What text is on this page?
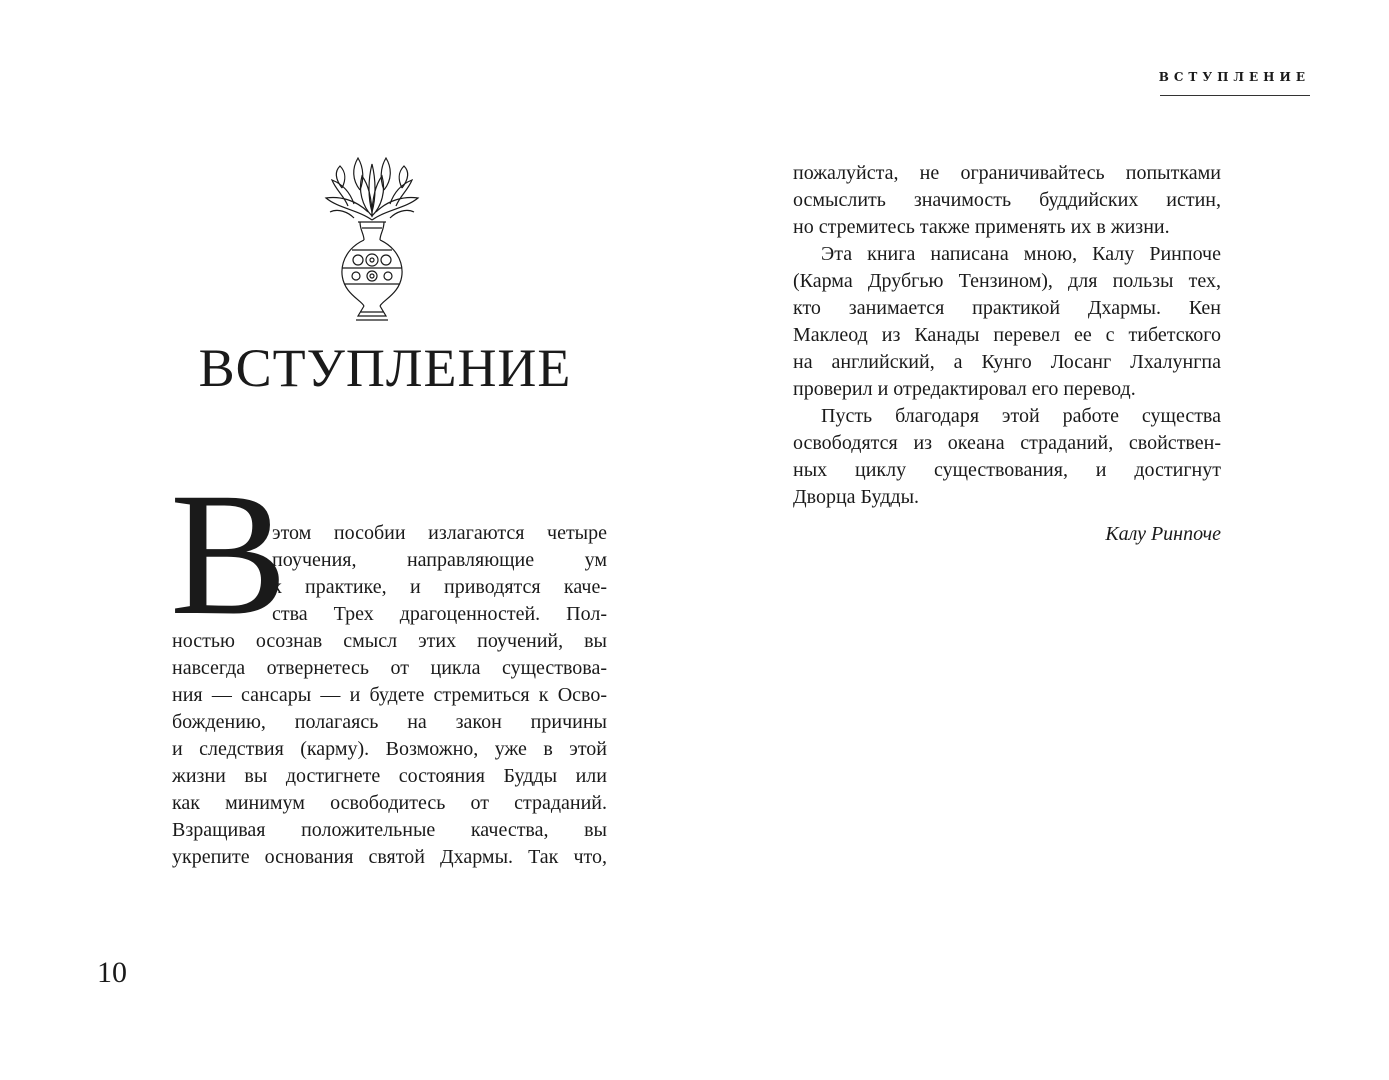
ВСТУПЛЕНИЕ
ВСТУПЛЕНИЕ
В
этом пособии излагаются четыре
поучения, направляющие ум
к практике, и приводятся каче-
ства Трех драгоценностей. Пол-
ностью осознав смысл этих поучений, вы
навсегда отвернетесь от цикла существова-
ния — сансары — и будете стремиться к Осво-
бождению, полагаясь на закон причины
и следствия (карму). Возможно, уже в этой
жизни вы достигнете состояния Будды или
как минимум освободитесь от страданий.
Взращивая положительные качества, вы
укрепите основания святой Дхармы. Так что,
пожалуйста, не ограничивайтесь попытками
осмыслить значимость буддийских истин,
но стремитесь также применять их в жизни.
Эта книга написана мною, Калу Ринпоче
(Карма Друбгью Тензином), для пользы тех,
кто занимается практикой Дхармы. Кен
Маклеод из Канады перевел ее с тибетского
на английский, а Кунго Лосанг Лхалунгпа
проверил и отредактировал его перевод.
Пусть благодаря этой работе существа
освободятся из океана страданий, свойствен-
ных циклу существования, и достигнут
Дворца Будды.
Калу Ринпоче
10
